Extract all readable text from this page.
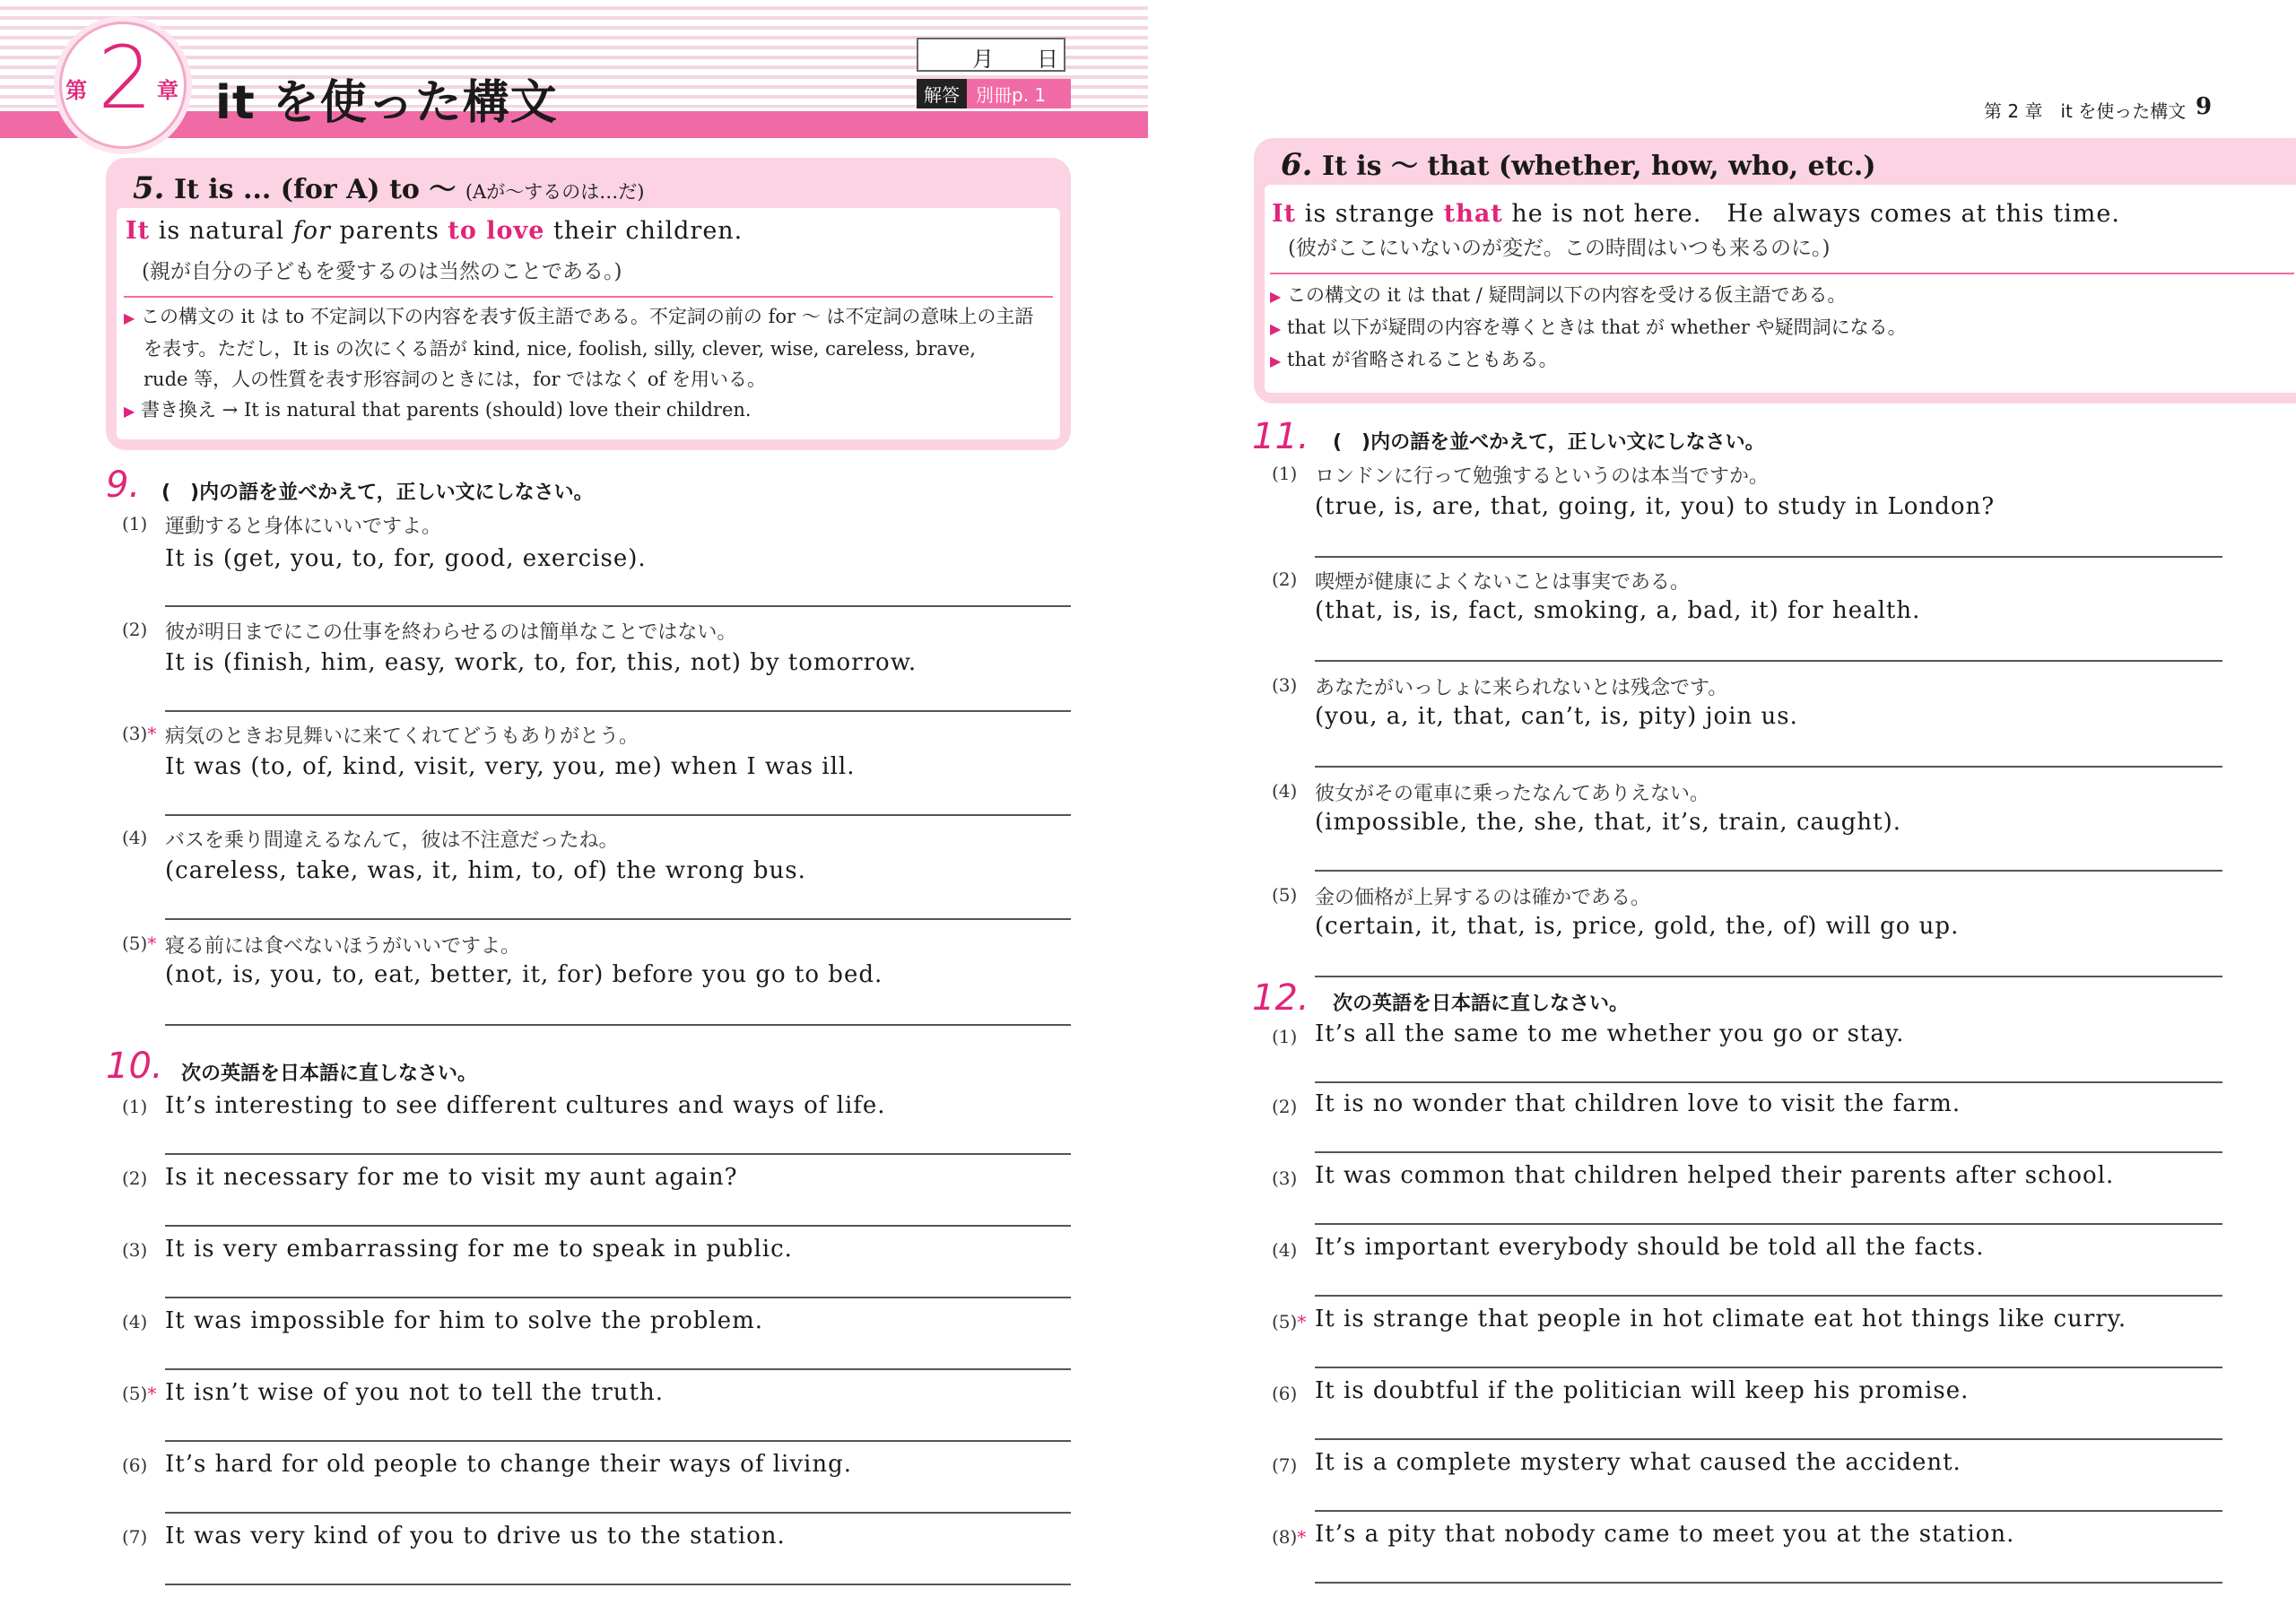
第 2 章 it を使った構文
月 日
解答 別冊p. 1
5. It is ... (for A) to ～ (Aが～するのは…だ)
It is natural for parents to love their children.
(親が自分の子どもを愛するのは当然のことである。)
▶ この構文の it は to 不定詞以下の内容を表す仮主語である。不定詞の前の for ～ は不定詞の意味上の主語
を表す。ただし，It is の次にくる語が kind, nice, foolish, silly, clever, wise, careless, brave,
rude 等，人の性質を表す形容詞のときには，for ではなく of を用いる。
▶ 書き換え → It is natural that parents (should) love their children.
9. (　)内の語を並べかえて，正しい文にしなさい。
(1) 運動すると身体にいいですよ。
It is (get, you, to, for, good, exercise).
(2) 彼が明日までにこの仕事を終わらせるのは簡単なことではない。
It is (finish, him, easy, work, to, for, this, not) by tomorrow.
(3)* 病気のときお見舞いに来てくれてどうもありがとう。
It was (to, of, kind, visit, very, you, me) when I was ill.
(4) バスを乗り間違えるなんて，彼は不注意だったね。
(careless, take, was, it, him, to, of) the wrong bus.
(5)* 寝る前には食べないほうがいいですよ。
(not, is, you, to, eat, better, it, for) before you go to bed.
10. 次の英語を日本語に直しなさい。
(1) It’s interesting to see different cultures and ways of life.
(2) Is it necessary for me to visit my aunt again?
(3) It is very embarrassing for me to speak in public.
(4) It was impossible for him to solve the problem.
(5)* It isn’t wise of you not to tell the truth.
(6) It’s hard for old people to change their ways of living.
(7) It was very kind of you to drive us to the station.
第 2 章　it を使った構文 9
6. It is ～ that (whether, how, who, etc.)
It is strange that he is not here.　He always comes at this time.
(彼がここにいないのが変だ。この時間はいつも来るのに。)
▶ この構文の it は that / 疑問詞以下の内容を受ける仮主語である。
▶ that 以下が疑問の内容を導くときは that が whether や疑問詞になる。
▶ that が省略されることもある。
11. (　)内の語を並べかえて，正しい文にしなさい。
(1) ロンドンに行って勉強するというのは本当ですか。
(true, is, are, that, going, it, you) to study in London?
(2) 喫煙が健康によくないことは事実である。
(that, is, is, fact, smoking, a, bad, it) for health.
(3) あなたがいっしょに来られないとは残念です。
(you, a, it, that, can’t, is, pity) join us.
(4) 彼女がその電車に乗ったなんてありえない。
(impossible, the, she, that, it’s, train, caught).
(5) 金の価格が上昇するのは確かである。
(certain, it, that, is, price, gold, the, of) will go up.
12. 次の英語を日本語に直しなさい。
(1) It’s all the same to me whether you go or stay.
(2) It is no wonder that children love to visit the farm.
(3) It was common that children helped their parents after school.
(4) It’s important everybody should be told all the facts.
(5)* It is strange that people in hot climate eat hot things like curry.
(6) It is doubtful if the politician will keep his promise.
(7) It is a complete mystery what caused the accident.
(8)* It’s a pity that nobody came to meet you at the station.
